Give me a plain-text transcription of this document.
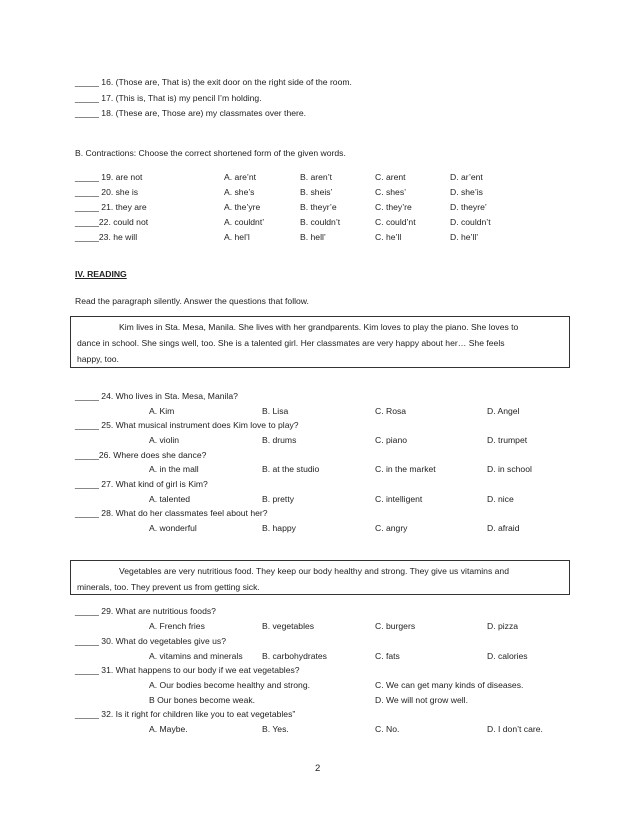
_____ 16. (Those are, That is) the exit door on the right side of the room.
_____ 17. (This is, That is) my pencil I’m holding.
_____ 18. (These are, Those are) my classmates over there.
B. Contractions: Choose the correct shortened form of the given words.
_____ 19. are not	A. are’nt	B. aren’t	C. arent	D. ar’ent
_____ 20. she is	A. she’s	B. sheis’	C. shes’	D. she’is
_____ 21. they are	A. the’yre	B. theyr’e	C. they’re	D. theyre’
_____22. could not	A. couldnt’	B. couldn’t	C. could’nt	D. couldn’t
_____23. he will	A. hel’l	B. hell’	C. he’ll	D. he’ll’
IV. READING
Read the paragraph silently. Answer the questions that follow.

Kim lives in Sta. Mesa, Manila. She lives with her grandparents. Kim loves to play the piano. She loves to

dance in school. She sings well, too. She is a talented girl. Her classmates are very happy about her… She feels

happy, too.

_____ 24. Who lives in Sta. Mesa, Manila?
A. Kim	B. Lisa	C. Rosa	D. Angel
_____ 25. What musical instrument does Kim love to play?
A. violin	B. drums	C. piano	D. trumpet
_____26. Where does she dance?
A. in the mall	B. at the studio	C. in the market	D. in school
_____ 27. What kind of girl is Kim?
A. talented	B. pretty	C. intelligent	D. nice
_____ 28. What do her classmates feel about her?
A. wonderful	B. happy	C. angry	D. afraid

Vegetables are very nutritious food. They keep our body healthy and strong. They give us vitamins and

minerals, too. They prevent us from getting sick.

_____ 29. What are nutritious foods?
A. French fries	B. vegetables	C. burgers	D. pizza
_____ 30. What do vegetables give us?
A. vitamins and minerals B. carbohydrates	C. fats	D. calories
_____ 31. What happens to our body if we eat vegetables?
A. Our bodies become healthy and strong.	C. We can get many kinds of diseases.
B Our bones become weak.	D. We will not grow well.
_____ 32. Is it right for children like you to eat vegetables”
A. Maybe.	B. Yes.	C. No.	D. I don’t care.
2
